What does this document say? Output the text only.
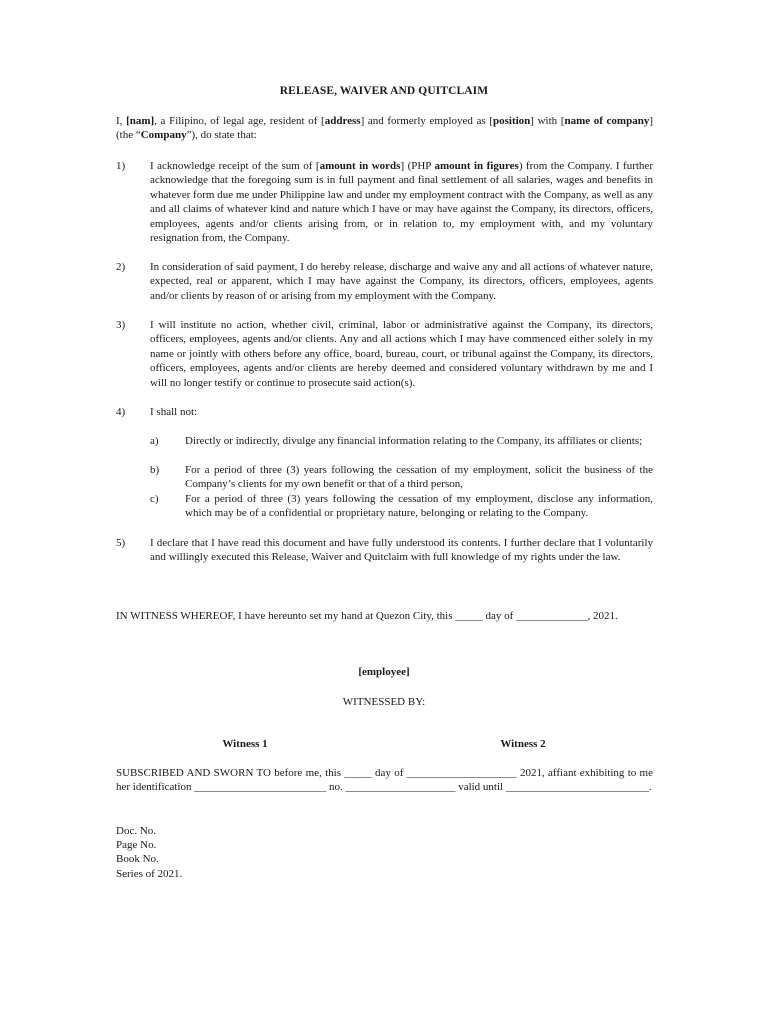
RELEASE, WAIVER AND QUITCLAIM
I, [nam], a Filipino, of legal age, resident of [address] and formerly employed as [position] with [name of company] (the “Company”), do state that:
1)	I acknowledge receipt of the sum of [amount in words] (PHP amount in figures) from the Company. I further acknowledge that the foregoing sum is in full payment and final settlement of all salaries, wages and benefits in whatever form due me under Philippine law and under my employment contract with the Company, as well as any and all claims of whatever kind and nature which I have or may have against the Company, its directors, officers, employees, agents and/or clients arising from, or in relation to, my employment with, and my voluntary resignation from, the Company.
2)	In consideration of said payment, I do hereby release, discharge and waive any and all actions of whatever nature, expected, real or apparent, which I may have against the Company, its directors, officers, employees, agents and/or clients by reason of or arising from my employment with the Company.
3)	I will institute no action, whether civil, criminal, labor or administrative against the Company, its directors, officers, employees, agents and/or clients. Any and all actions which I may have commenced either solely in my name or jointly with others before any office, board, bureau, court, or tribunal against the Company, its directors, officers, employees, agents and/or clients are hereby deemed and considered voluntary withdrawn by me and I will no longer testify or continue to prosecute said action(s).
4)	I shall not:
a)	Directly or indirectly, divulge any financial information relating to the Company, its affiliates or clients;
b)	For a period of three (3) years following the cessation of my employment, solicit the business of the Company’s clients for my own benefit or that of a third person,
c)	For a period of three (3) years following the cessation of my employment, disclose any information, which may be of a confidential or proprietary nature, belonging or relating to the Company.
5)	I declare that I have read this document and have fully understood its contents. I further declare that I voluntarily and willingly executed this Release, Waiver and Quitclaim with full knowledge of my rights under the law.
IN WITNESS WHEREOF, I have hereunto set my hand at Quezon City, this _____ day of _____________, 2021.
[employee]
WITNESSED BY:
Witness 1	Witness 2
SUBSCRIBED AND SWORN TO before me, this _____ day of ____________________ 2021, affiant exhibiting to me her identification ________________________ no. ____________________ valid until __________________________.
Doc. No.
Page No.
Book No.
Series of 2021.
